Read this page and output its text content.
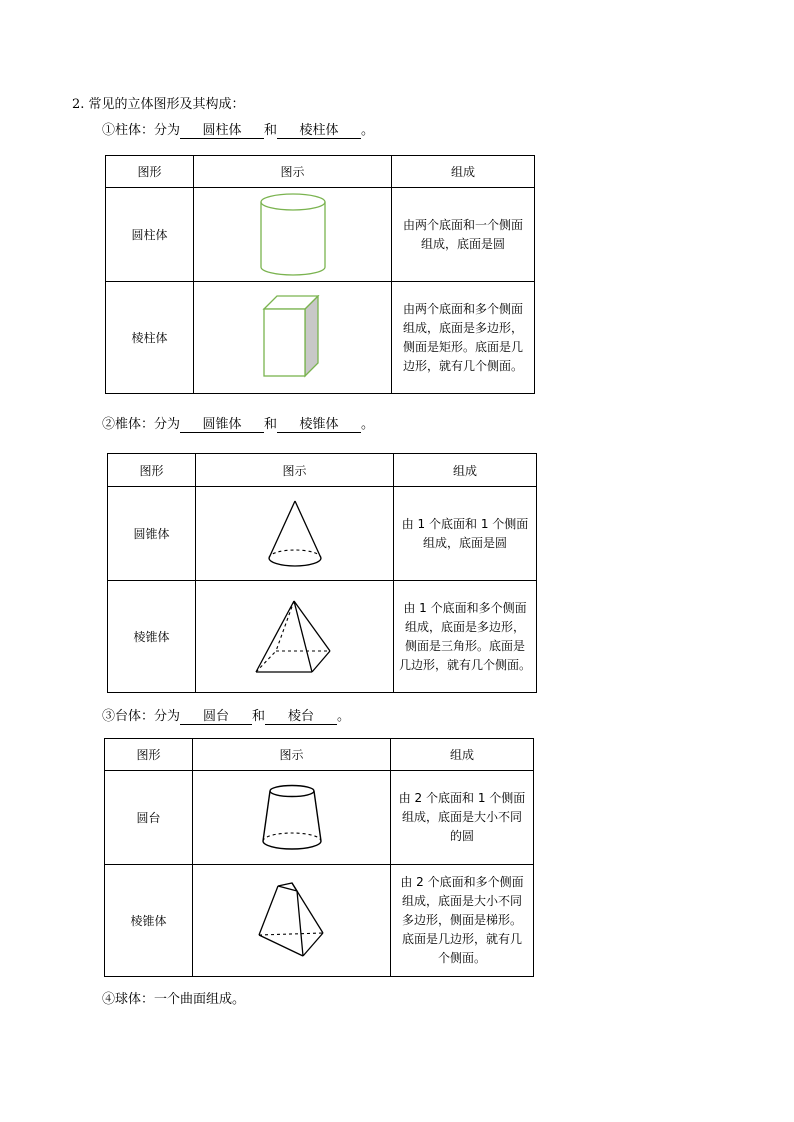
2. 常见的立体图形及其构成：
①柱体：分为 圆柱体 和 棱柱体 。
图形	图示	组成
圆柱体		由两个底面和一个侧面
组成，底面是圆

棱柱体		由两个底面和多个侧面
组成，底面是多边形，
侧面是矩形。底面是几
边形，就有几个侧面。
②椎体：分为 圆锥体 和 棱锥体 。
图形	图示	组成
圆锥体		由 1 个底面和 1 个侧面
组成，底面是圆

棱锥体		由 1 个底面和多个侧面
组成，底面是多边形，
侧面是三角形。底面是
几边形，就有几个侧面。
③台体：分为 圆台 和 棱台 。
图形	图示	组成
圆台		由 2 个底面和 1 个侧面
组成，底面是大小不同
的圆

棱锥体		由 2 个底面和多个侧面
组成，底面是大小不同
多边形，侧面是梯形。
底面是几边形，就有几
个侧面。
④球体：一个曲面组成。
